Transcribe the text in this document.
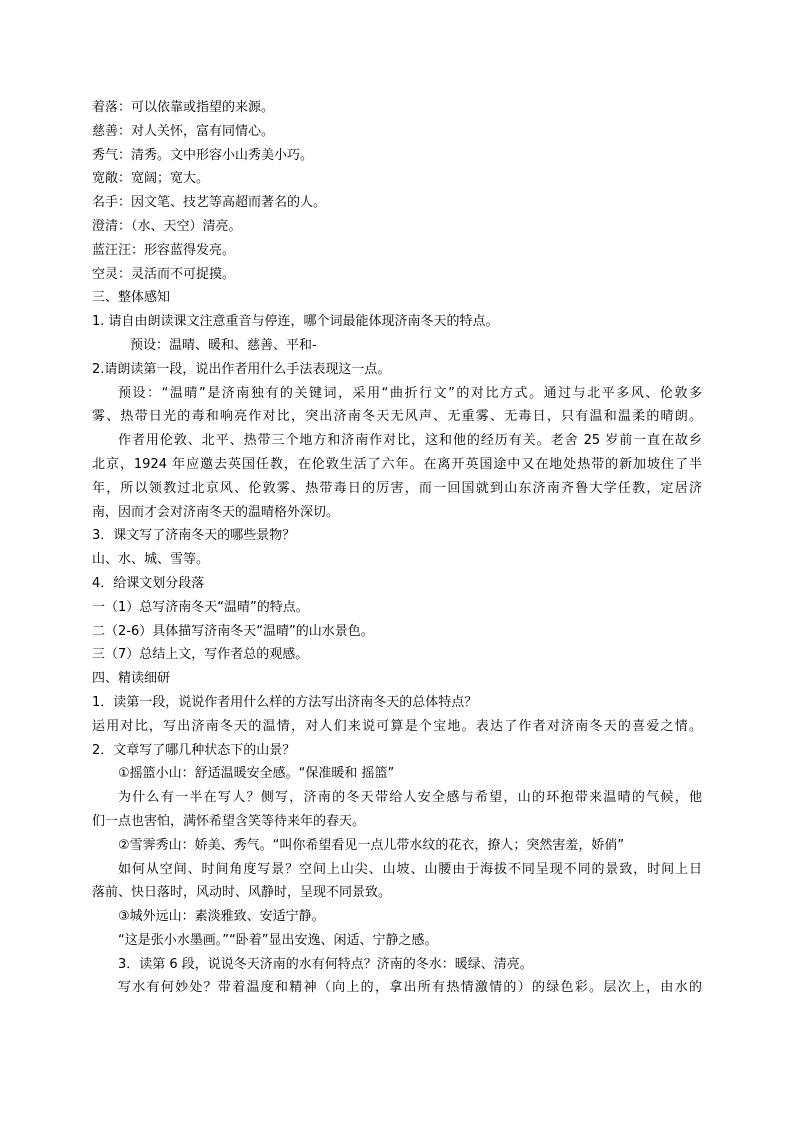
着落：可以依靠或指望的来源。
慈善：对人关怀，富有同情心。
秀气：清秀。文中形容小山秀美小巧。
宽敞：宽阔；宽大。
名手：因文笔、技艺等高超而著名的人。
澄清：（水、天空）清亮。
蓝汪汪：形容蓝得发亮。
空灵：灵活而不可捉摸。
三、整体感知
1. 请自由朗读课文注意重音与停连，哪个词最能体现济南冬天的特点。
预设：温晴、暖和、慈善、平和-
2.请朗读第一段，说出作者用什么手法表现这一点。
预设：“温晴”是济南独有的关键词，采用“曲折行文”的对比方式。通过与北平多风、伦敦多
雾、热带日光的毒和响亮作对比，突出济南冬天无风声、无重雾、无毒日，只有温和温柔的晴朗。
作者用伦敦、北平、热带三个地方和济南作对比，这和他的经历有关。老舍 25 岁前一直在故乡
北京，1924 年应邀去英国任教，在伦敦生活了六年。在离开英国途中又在地处热带的新加坡住了半
年，所以领教过北京风、伦敦雾、热带毒日的厉害，而一回国就到山东济南齐鲁大学任教，定居济
南，因而才会对济南冬天的温晴格外深切。
3．课文写了济南冬天的哪些景物？
山、水、城、雪等。
4．给课文划分段落
一（1）总写济南冬天“温晴”的特点。
二（2-6）具体描写济南冬天“温晴”的山水景色。
三（7）总结上文，写作者总的观感。
四、精读细研
1．读第一段，说说作者用什么样的方法写出济南冬天的总体特点？
运用对比，写出济南冬天的温情，对人们来说可算是个宝地。表达了作者对济南冬天的喜爱之情。
2．文章写了哪几种状态下的山景？
①摇篮小山：舒适温暖安全感。“保准暖和 摇篮”
为什么有一半在写人？侧写，济南的冬天带给人安全感与希望，山的环抱带来温晴的气候，他
们一点也害怕，满怀希望含笑等待来年的春天。
②雪霁秀山：娇美、秀气。“叫你希望看见一点儿带水纹的花衣，撩人；突然害羞，娇俏”
如何从空间、时间角度写景？空间上山尖、山坡、山腰由于海拔不同呈现不同的景致，时间上日
落前、快日落时，风动时、风静时，呈现不同景致。
③城外远山：素淡雅致、安适宁静。
“这是张小水墨画。”“卧着”显出安逸、闲适、宁静之感。
3．读第 6 段，说说冬天济南的水有何特点？济南的冬水：暖绿、清亮。
写水有何妙处？带着温度和精神（向上的，拿出所有热情激情的）的绿色彩。层次上，由水的
